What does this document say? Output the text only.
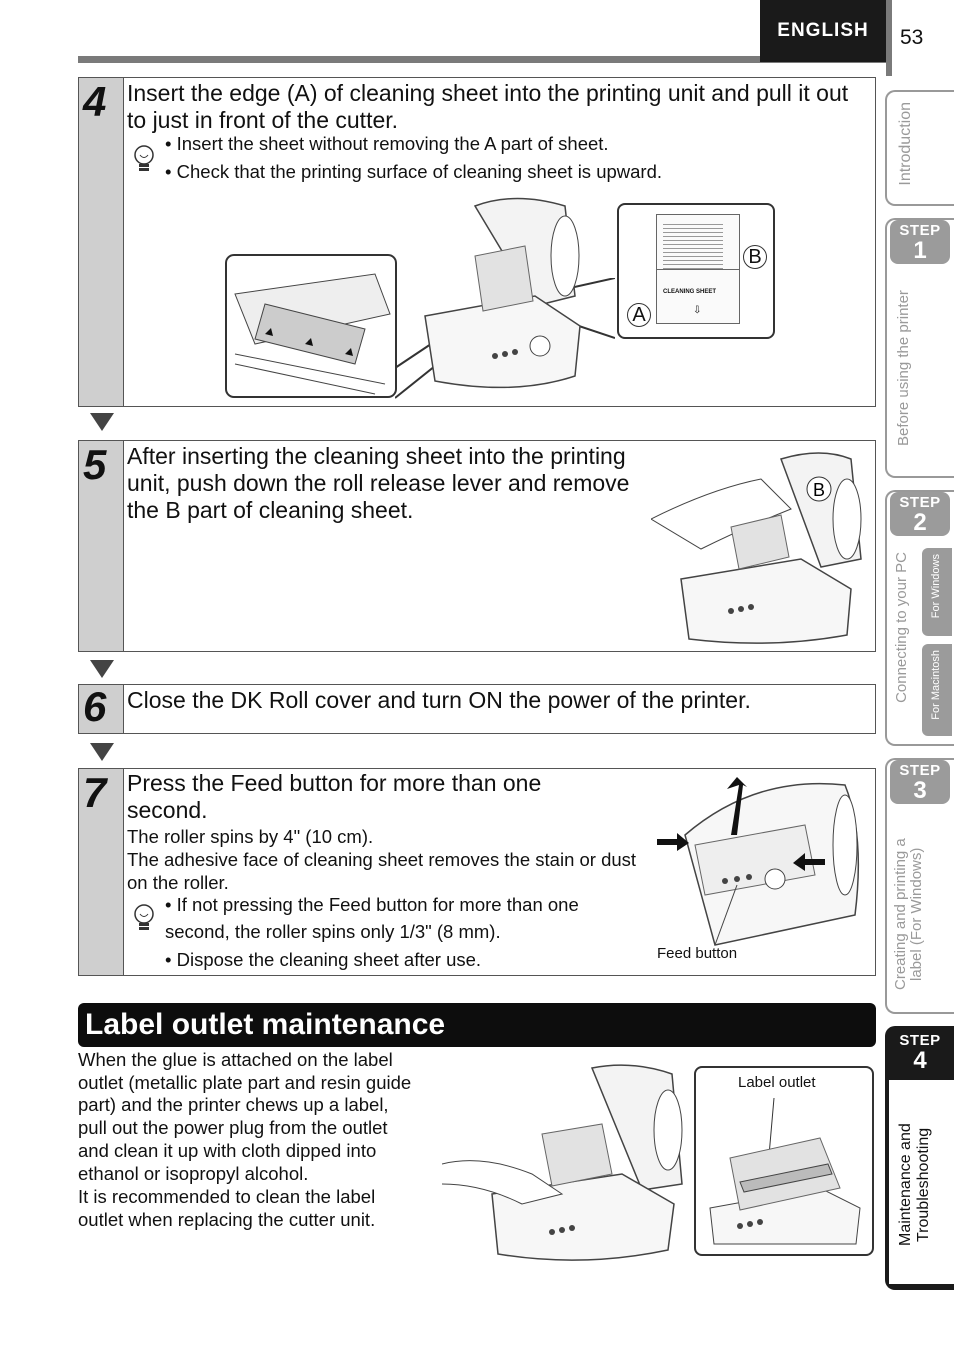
ENGLISH	53
4 Insert the edge (A) of cleaning sheet into the printing unit and pull it out to just in front of the cutter.
• Insert the sheet without removing the A part of sheet.
• Check that the printing surface of cleaning sheet is upward.
CLEANING SHEET
⇩
B
A
5 After inserting the cleaning sheet into the printing unit, push down the roll release lever and remove the B part of cleaning sheet.
B
6 Close the DK Roll cover and turn ON the power of the printer.
7 Press the Feed button for more than one second.
The roller spins by 4" (10 cm).
The adhesive face of cleaning sheet removes the stain or dust on the roller.
• If not pressing the Feed button for more than one second, the roller spins only 1/3" (8 mm).
• Dispose the cleaning sheet after use.	Feed button
Label outlet maintenance
When the glue is attached on the label outlet (metallic plate part and resin guide part) and the printer chews up a label, pull out the power plug from the outlet and clean it up with cloth dipped into ethanol or isopropyl alcohol.
It is recommended to clean the label outlet when replacing the cutter unit.
Label outlet
Introduction
Before using the printer
STEP
1
Connecting to your PC
STEP
2
For Windows
For Macintosh
Creating and printing a label (For Windows)
STEP
3
STEP
4
Maintenance and Troubleshooting
